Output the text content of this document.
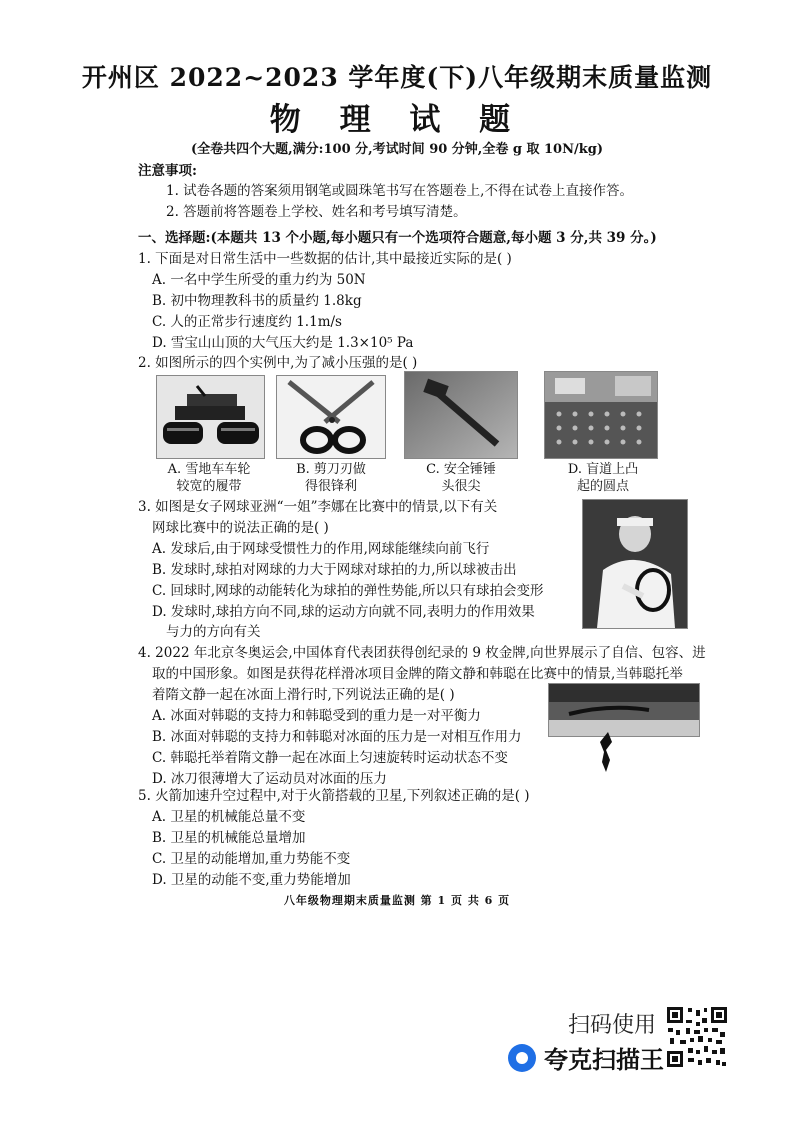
开州区 2022~2023 学年度(下)八年级期末质量监测
物 理 试 题
(全卷共四个大题,满分:100 分,考试时间 90 分钟,全卷 g 取 10N/kg)
注意事项:
1. 试卷各题的答案须用钢笔或圆珠笔书写在答题卷上,不得在试卷上直接作答。
2. 答题前将答题卷上学校、姓名和考号填写清楚。
一、选择题:(本题共 13 个小题,每小题只有一个选项符合题意,每小题 3 分,共 39 分。)
1. 下面是对日常生活中一些数据的估计,其中最接近实际的是( )
A. 一名中学生所受的重力约为 50N
B. 初中物理教科书的质量约 1.8kg
C. 人的正常步行速度约 1.1m/s
D. 雪宝山山顶的大气压大约是 1.3×10⁵ Pa
2. 如图所示的四个实例中,为了减小压强的是( )
A. 雪地车车轮
较宽的履带
B. 剪刀刃做
得很锋利
C. 安全锤锤
头很尖
D. 盲道上凸
起的圆点
3. 如图是女子网球亚洲“一姐”李娜在比赛中的情景,以下有关
网球比赛中的说法正确的是( )
A. 发球后,由于网球受惯性力的作用,网球能继续向前飞行
B. 发球时,球拍对网球的力大于网球对球拍的力,所以球被击出
C. 回球时,网球的动能转化为球拍的弹性势能,所以只有球拍会变形
D. 发球时,球拍方向不同,球的运动方向就不同,表明力的作用效果
与力的方向有关
4. 2022 年北京冬奥运会,中国体育代表团获得创纪录的 9 枚金牌,向世界展示了自信、包容、进
取的中国形象。如图是获得花样滑冰项目金牌的隋文静和韩聪在比赛中的情景,当韩聪托举
着隋文静一起在冰面上滑行时,下列说法正确的是( )
A. 冰面对韩聪的支持力和韩聪受到的重力是一对平衡力
B. 冰面对韩聪的支持力和韩聪对冰面的压力是一对相互作用力
C. 韩聪托举着隋文静一起在冰面上匀速旋转时运动状态不变
D. 冰刀很薄增大了运动员对冰面的压力
5. 火箭加速升空过程中,对于火箭搭载的卫星,下列叙述正确的是( )
A. 卫星的机械能总量不变
B. 卫星的机械能总量增加
C. 卫星的动能增加,重力势能不变
D. 卫星的动能不变,重力势能增加
八年级物理期末质量监测 第 1 页 共 6 页
扫码使用
夸克扫描王
